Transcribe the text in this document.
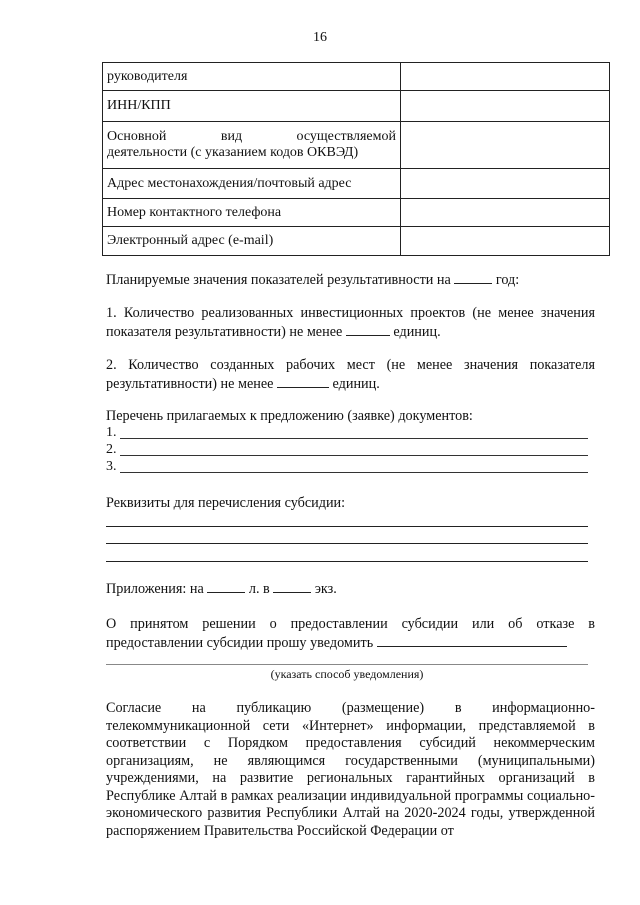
16
руководителя	
ИНН/КПП	

Основной вид осуществляемой
деятельности (с указанием кодов ОКВЭД)	

Адрес местонахождения/почтовый адрес	
Номер контактного телефона	
Электронный адрес (e-mail)	
Планируемые значения показателей результативности на	год:
1. Количество реализованных инвестиционных проектов (не менее значения показателя результативности) не менее	единиц.
2. Количество созданных рабочих мест (не менее значения показателя результативности) не менее	единиц.
Перечень прилагаемых к предложению (заявке) документов:
1.
2.
3.
Реквизиты для перечисления субсидии:
Приложения: на	л. в	экз.
О принятом решении о предоставлении субсидии или об отказе в предоставлении субсидии прошу уведомить
(указать способ уведомления)
Согласие на публикацию (размещение) в информационно-телекоммуникационной сети «Интернет» информации, представляемой в соответствии с Порядком предоставления субсидий некоммерческим организациям, не являющимся государственными (муниципальными) учреждениями, на развитие региональных гарантийных организаций в Республике Алтай в рамках реализации индивидуальной программы социально-экономического развития Республики Алтай на 2020-2024 годы, утвержденной распоряжением Правительства Российской Федерации от
